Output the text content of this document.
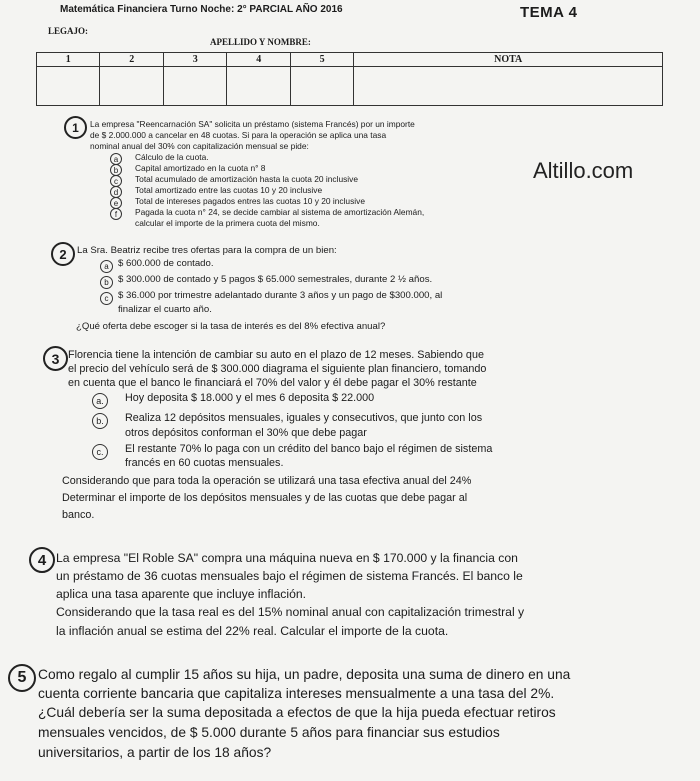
Matemática Financiera Turno Noche: 2° PARCIAL AÑO 2016	TEMA 4
LEGAJO:
APELLIDO Y NOMBRE:
1	2	3	4	5	NOTA

Altillo.com
1	La empresa "Reencarnación SA" solicita un préstamo (sistema Francés) por un importe
de $ 2.000.000 a cancelar en 48 cuotas. Si para la operación se aplica una tasa
nominal anual del 30% con capitalización mensual se pide:
a	Cálculo de la cuota.
b	Capital amortizado en la cuota n° 8
c	Total acumulado de amortización hasta la cuota 20 inclusive
d	Total amortizado entre las cuotas 10 y 20 inclusive
e	Total de intereses pagados entres las cuotas 10 y 20 inclusive
f	Pagada la cuota n° 24, se decide cambiar al sistema de amortización Alemán,
calcular el importe de la primera cuota del mismo.
2	La Sra. Beatriz recibe tres ofertas para la compra de un bien:
a $ 600.000 de contado.
b $ 300.000 de contado y 5 pagos $ 65.000 semestrales, durante 2 ½ años.
c $ 36.000 por trimestre adelantado durante 3 años y un pago de $300.000, al
finalizar el cuarto año.
¿Qué oferta debe escoger si la tasa de interés es del 8% efectiva anual?
3 Florencia tiene la intención de cambiar su auto en el plazo de 12 meses. Sabiendo que
el precio del vehículo será de $ 300.000 diagrama el siguiente plan financiero, tomando
en cuenta que el banco le financiará el 70% del valor y él debe pagar el 30% restante
a.	Hoy deposita $ 18.000 y el mes 6 deposita $ 22.000
b.	Realiza 12 depósitos mensuales, iguales y consecutivos, que junto con los
otros depósitos conforman el 30% que debe pagar
c.	El restante 70% lo paga con un crédito del banco bajo el régimen de sistema
francés en 60 cuotas mensuales.
Considerando que para toda la operación se utilizará una tasa efectiva anual del 24%
Determinar el importe de los depósitos mensuales y de las cuotas que debe pagar al
banco.
4 La empresa "El Roble SA" compra una máquina nueva en $ 170.000 y la financia con
un préstamo de 36 cuotas mensuales bajo el régimen de sistema Francés. El banco le
aplica una tasa aparente que incluye inflación.
Considerando que la tasa real es del 15% nominal anual con capitalización trimestral y
la inflación anual se estima del 22% real. Calcular el importe de la cuota.
5 Como regalo al cumplir 15 años su hija, un padre, deposita una suma de dinero en una
cuenta corriente bancaria que capitaliza intereses mensualmente a una tasa del 2%.
¿Cuál debería ser la suma depositada a efectos de que la hija pueda efectuar retiros
mensuales vencidos, de $ 5.000 durante 5 años para financiar sus estudios
universitarios, a partir de los 18 años?
